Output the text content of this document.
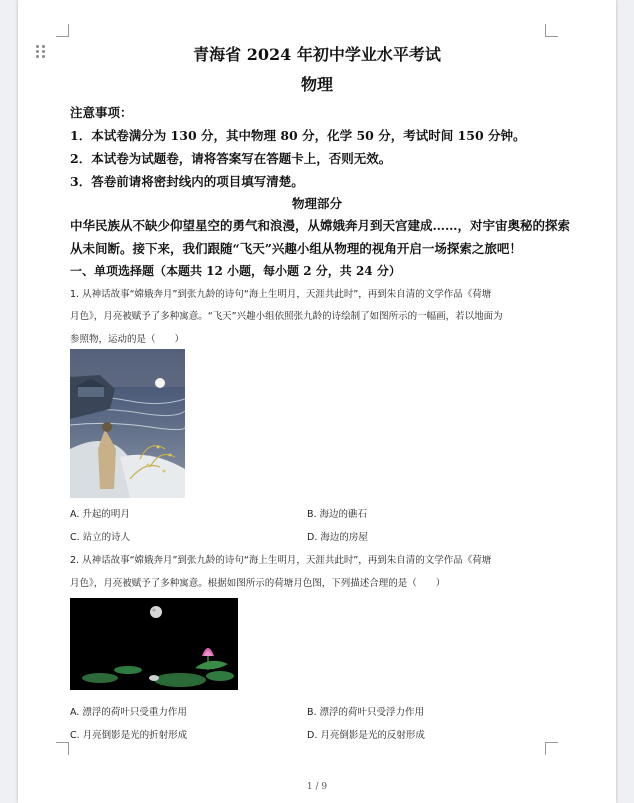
青海省 2024 年初中学业水平考试
物理
注意事项：
1．本试卷满分为 130 分，其中物理 80 分，化学 50 分，考试时间 150 分钟。
2．本试卷为试题卷，请将答案写在答题卡上，否则无效。
3．答卷前请将密封线内的项目填写清楚。
物理部分
中华民族从不缺少仰望星空的勇气和浪漫，从嫦娥奔月到天宫建成……，对宇宙奥秘的探索
从未间断。接下来，我们跟随“飞天”兴趣小组从物理的视角开启一场探索之旅吧！
一、单项选择题（本题共 12 小题，每小题 2 分，共 24 分）
1. 从神话故事“嫦娥奔月”到张九龄的诗句“海上生明月，天涯共此时”，再到朱自清的文学作品《荷塘
月色》，月亮被赋予了多种寓意。“飞天”兴趣小组依照张九龄的诗绘制了如图所示的一幅画，若以地面为
参照物，运动的是（　　）
A. 升起的明月	B. 海边的礁石
C. 站立的诗人	D. 海边的房屋
2. 从神话故事“嫦娥奔月”到张九龄的诗句“海上生明月，天涯共此时”，再到朱自清的文学作品《荷塘
月色》，月亮被赋予了多种寓意。根据如图所示的荷塘月色图，下列描述合理的是（　　）
A. 漂浮的荷叶只受重力作用	B. 漂浮的荷叶只受浮力作用
C. 月亮倒影是光的折射形成	D. 月亮倒影是光的反射形成
1 / 9
